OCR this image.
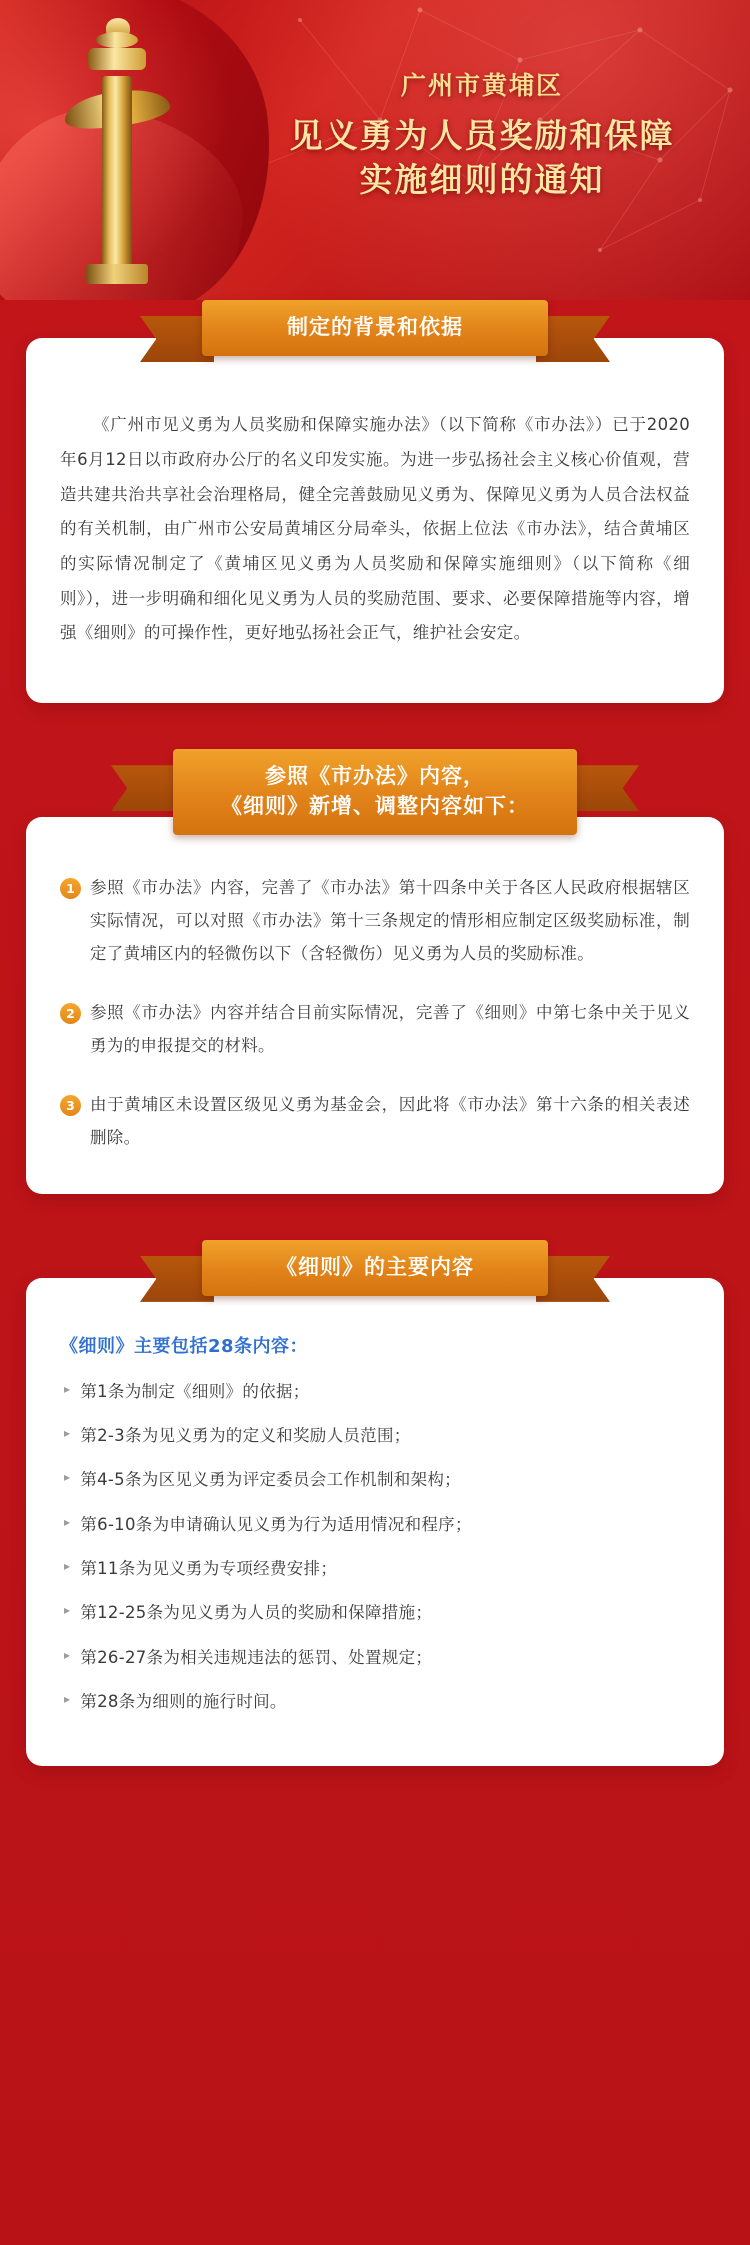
广州市黄埔区
见义勇为人员奖励和保障
实施细则的通知
制定的背景和依据

《广州市见义勇为人员奖励和保障实施办法》（以下简称《市办法》）已于2020年6月12日以市政府办公厅的名义印发实施。为进一步弘扬社会主义核心价值观，营造共建共治共享社会治理格局，健全完善鼓励见义勇为、保障见义勇为人员合法权益的有关机制，由广州市公安局黄埔区分局牵头，依据上位法《市办法》，结合黄埔区的实际情况制定了《黄埔区见义勇为人员奖励和保障实施细则》（以下简称《细则》），进一步明确和细化见义勇为人员的奖励范围、要求、必要保障措施等内容，增强《细则》的可操作性，更好地弘扬社会正气，维护社会安定。

参照《市办法》内容，
《细则》新增、调整内容如下：
1 参照《市办法》内容，完善了《市办法》第十四条中关于各区人民政府根据辖区实际情况，可以对照《市办法》第十三条规定的情形相应制定区级奖励标准，制定了黄埔区内的轻微伤以下（含轻微伤）见义勇为人员的奖励标准。
2 参照《市办法》内容并结合目前实际情况，完善了《细则》中第七条中关于见义勇为的申报提交的材料。
3 由于黄埔区未设置区级见义勇为基金会，因此将《市办法》第十六条的相关表述删除。
《细则》的主要内容
《细则》主要包括28条内容：
▸ 第1条为制定《细则》的依据；
▸ 第2-3条为见义勇为的定义和奖励人员范围；
▸ 第4-5条为区见义勇为评定委员会工作机制和架构；
▸ 第6-10条为申请确认见义勇为行为适用情况和程序；
▸ 第11条为见义勇为专项经费安排；
▸ 第12-25条为见义勇为人员的奖励和保障措施；
▸ 第26-27条为相关违规违法的惩罚、处置规定；
▸ 第28条为细则的施行时间。
